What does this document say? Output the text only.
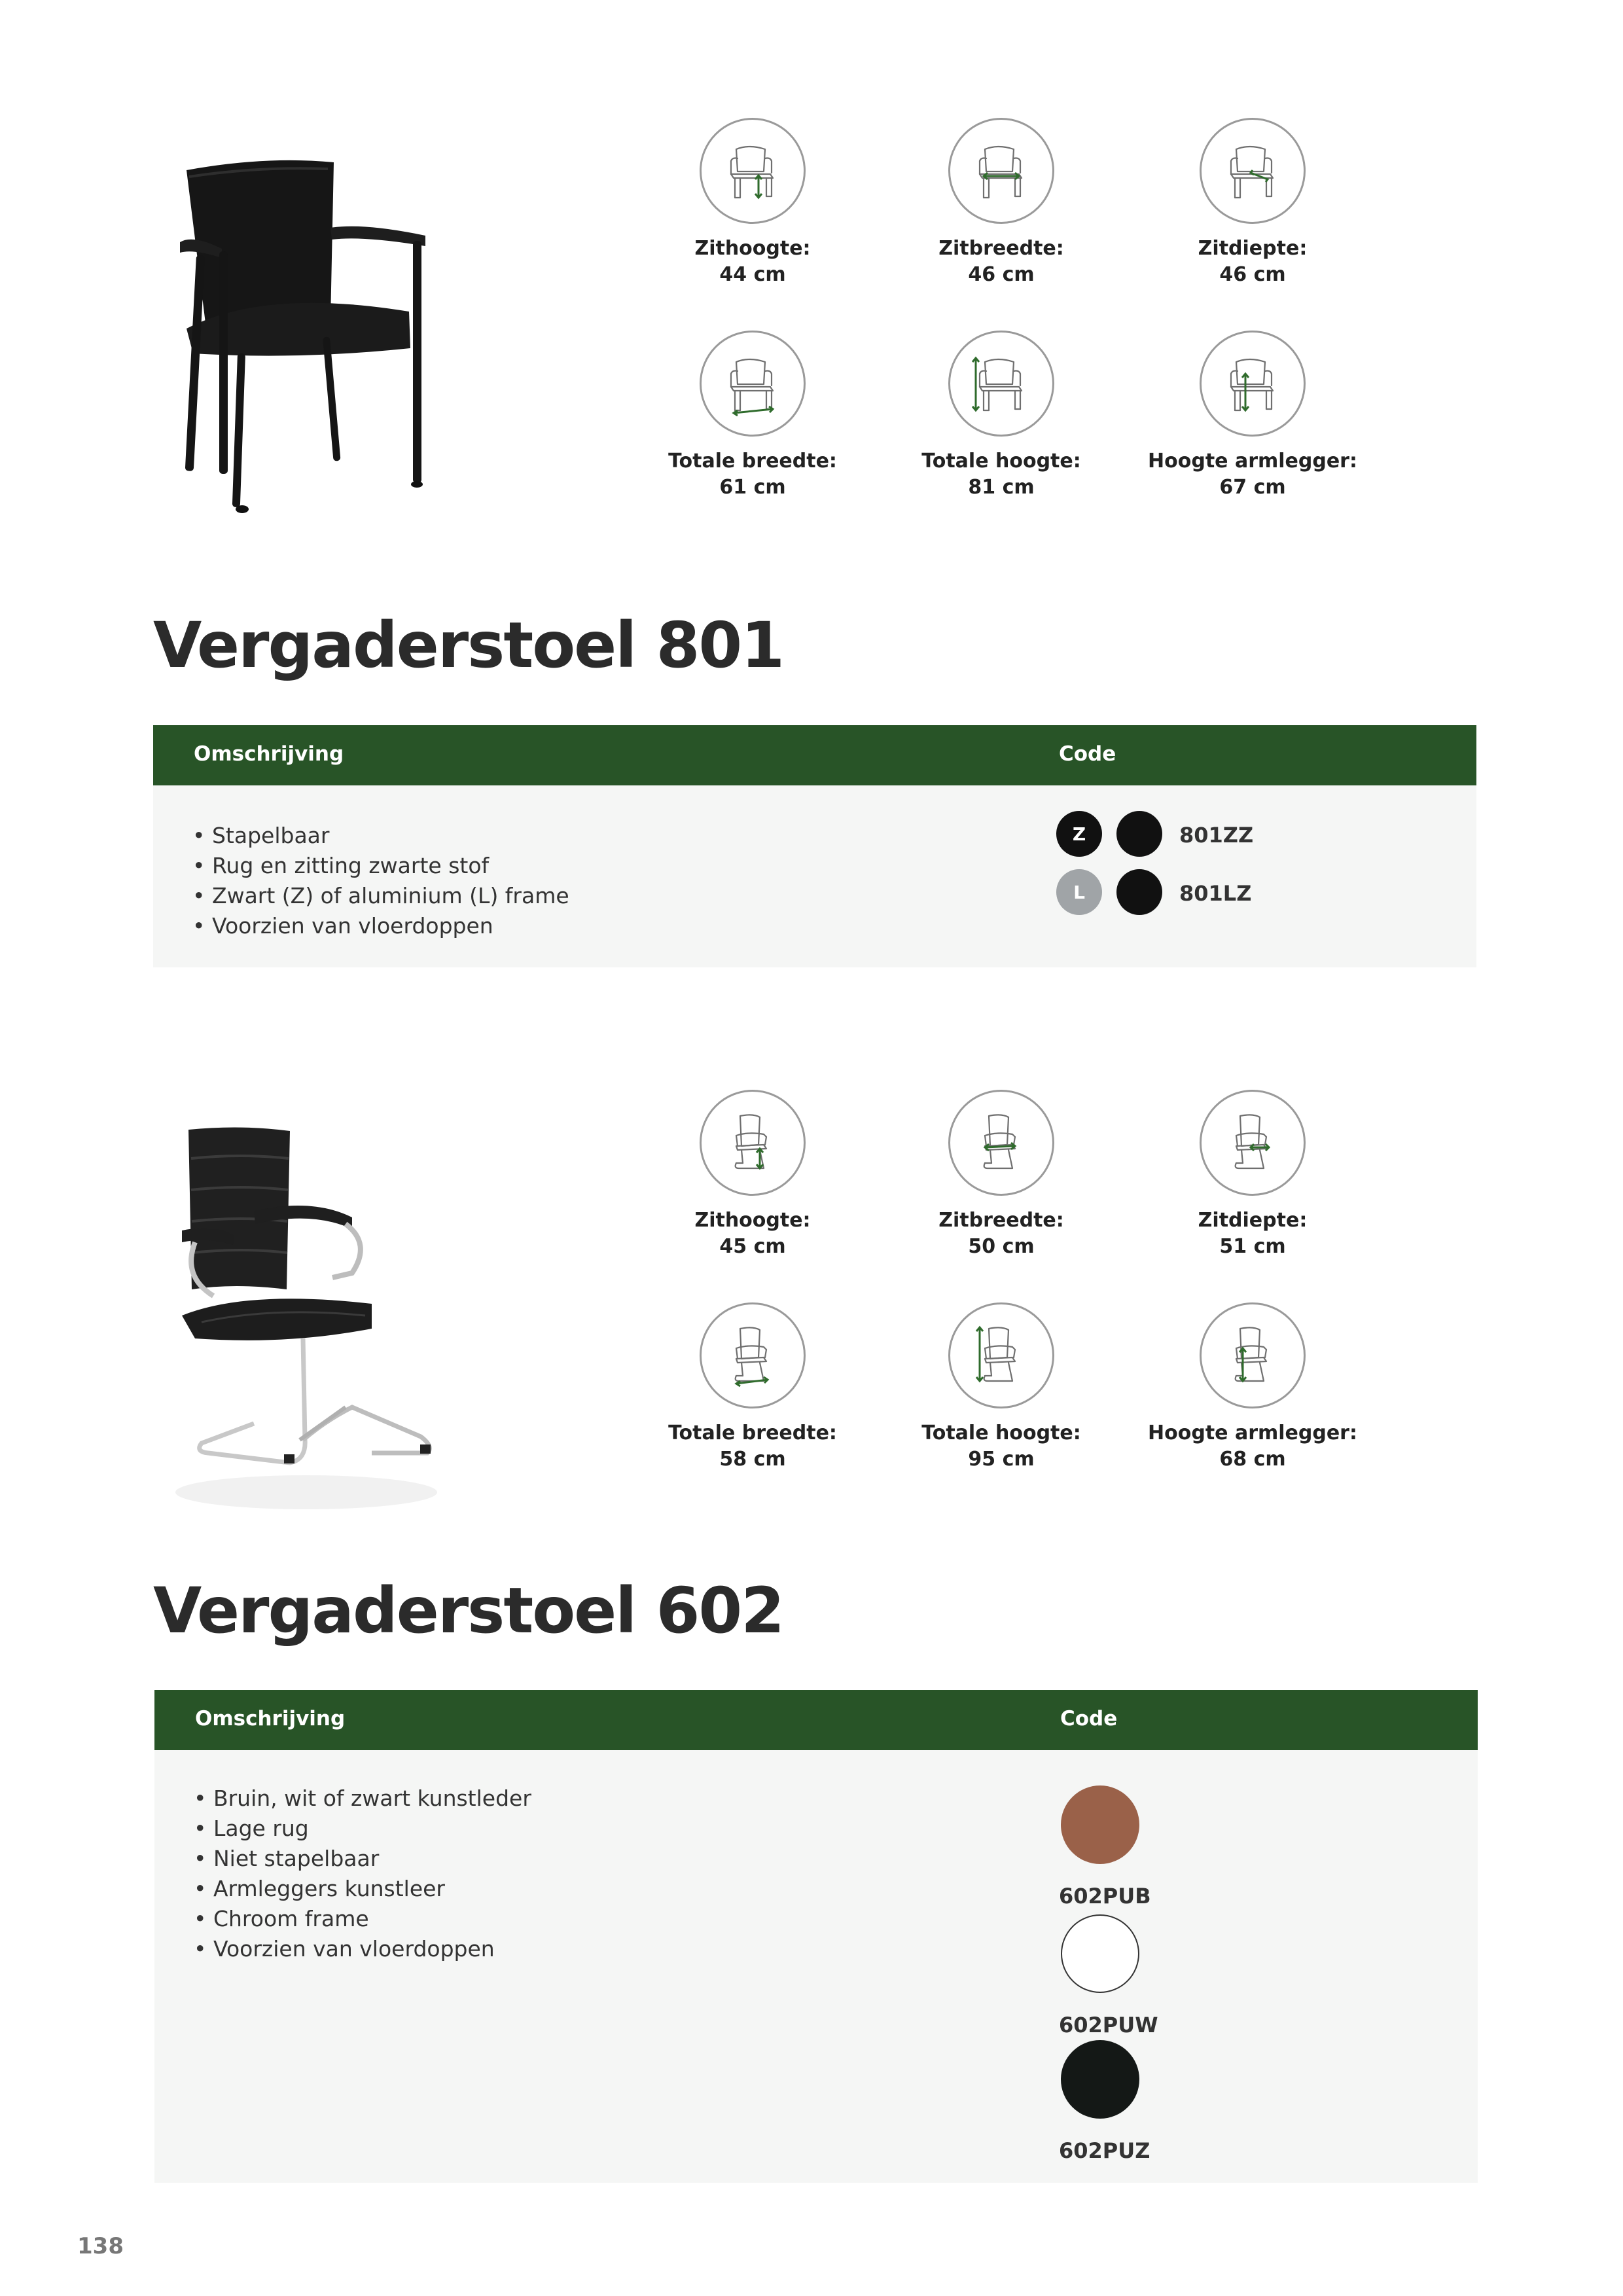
Zithoogte:
44 cm
Zitbreedte:
46 cm
Zitdiepte:
46 cm
Totale breedte:
61 cm
Totale hoogte:
81 cm
Hoogte armlegger:
67 cm
Vergaderstoel 801
Omschrijving	Code
• Stapelbaar
• Rug en zitting zwarte stof
• Zwart (Z) of aluminium (L) frame
• Voorzien van vloerdoppen
Z	801ZZ
L	801LZ
Zithoogte:
45 cm
Zitbreedte:
50 cm
Zitdiepte:
51 cm
Totale breedte:
58 cm
Totale hoogte:
95 cm
Hoogte armlegger:
68 cm
Vergaderstoel 602
Omschrijving	Code
• Bruin, wit of zwart kunstleder
• Lage rug
• Niet stapelbaar
• Armleggers kunstleer
• Chroom frame
• Voorzien van vloerdoppen
602PUB
602PUW
602PUZ
138
